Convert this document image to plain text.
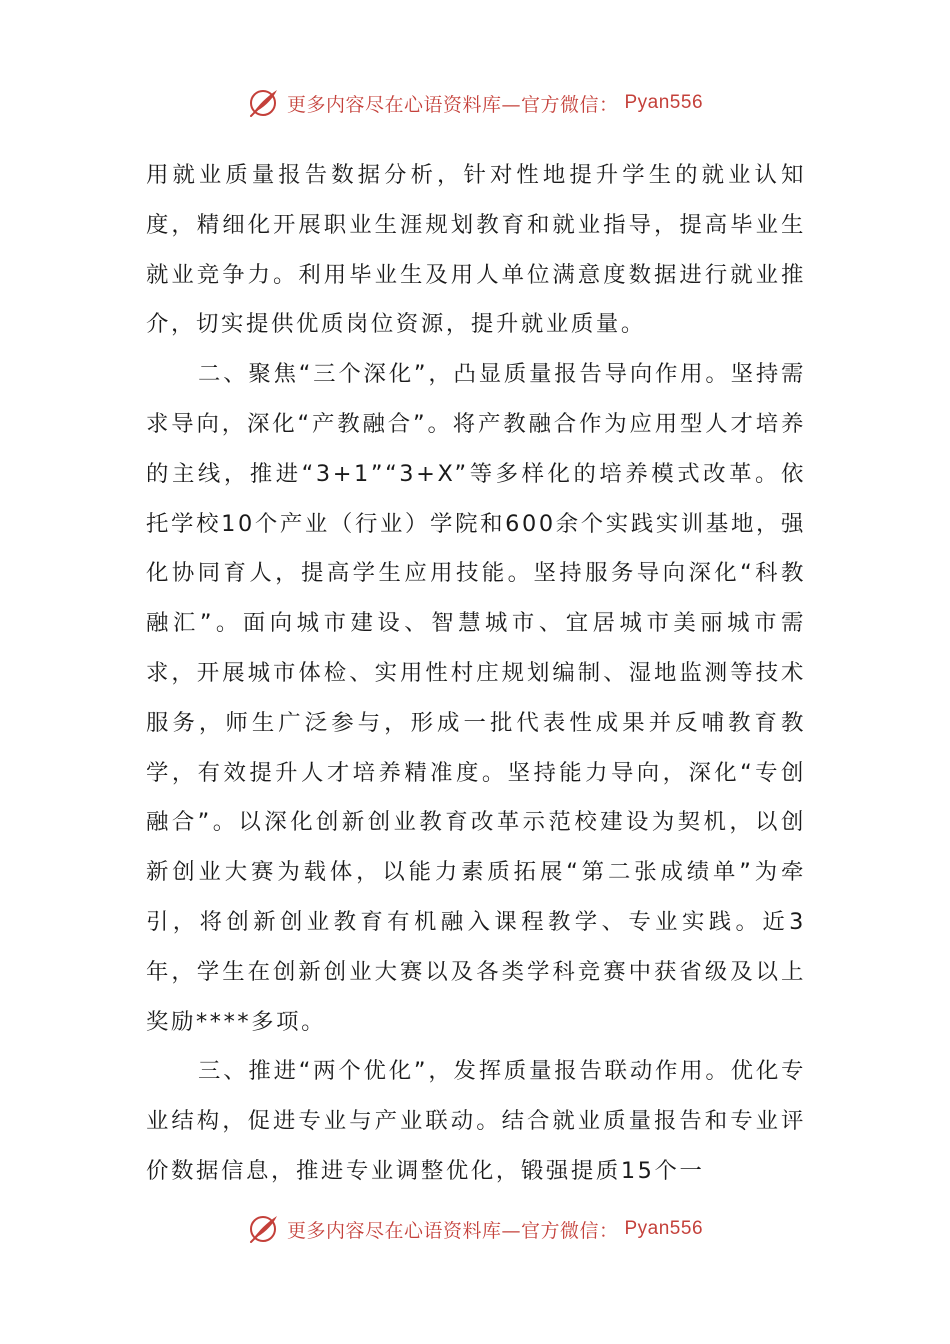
更多内容尽在心语资料库—官方微信： Pyan556

用就业质量报告数据分析，针对性地提升学生的就业认知度，精细化开展职业生涯规划教育和就业指导，提高毕业生就业竞争力。利用毕业生及用人单位满意度数据进行就业推介，切实提供优质岗位资源，提升就业质量。

二、聚焦“三个深化”，凸显质量报告导向作用。坚持需求导向，深化“产教融合”。将产教融合作为应用型人才培养的主线，推进“3+1”“3+X”等多样化的培养模式改革。依托学校10个产业（行业）学院和600余个实践实训基地，强化协同育人，提高学生应用技能。坚持服务导向深化“科教融汇”。面向城市建设、智慧城市、宜居城市美丽城市需求，开展城市体检、实用性村庄规划编制、湿地监测等技术服务，师生广泛参与，形成一批代表性成果并反哺教育教学，有效提升人才培养精准度。坚持能力导向，深化“专创融合”。以深化创新创业教育改革示范校建设为契机，以创新创业大赛为载体，以能力素质拓展“第二张成绩单”为牵引，将创新创业教育有机融入课程教学、专业实践。近3年，学生在创新创业大赛以及各类学科竞赛中获省级及以上奖励****多项。

三、推进“两个优化”，发挥质量报告联动作用。优化专业结构，促进专业与产业联动。结合就业质量报告和专业评价数据信息，推进专业调整优化，锻强提质15个一

更多内容尽在心语资料库—官方微信： Pyan556
